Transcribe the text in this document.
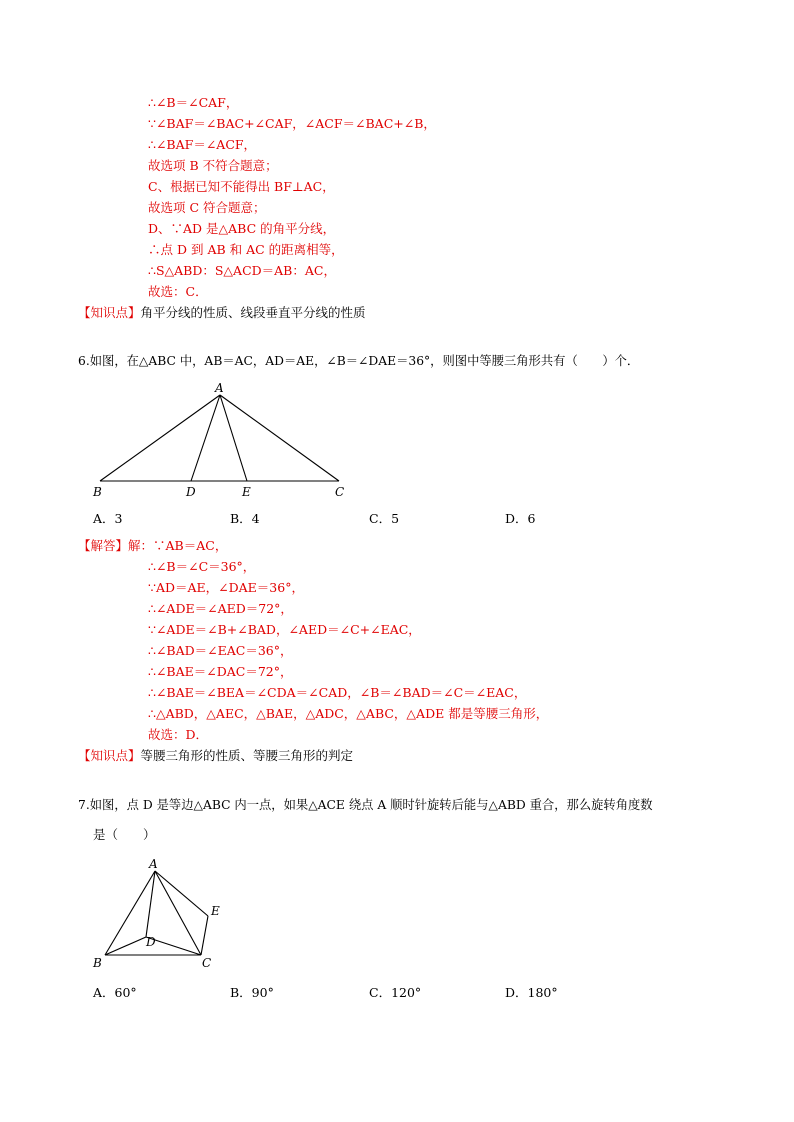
∴∠B＝∠CAF，
∵∠BAF＝∠BAC+∠CAF，∠ACF＝∠BAC+∠B，
∴∠BAF＝∠ACF，
故选项 B 不符合题意；
C、根据已知不能得出 BF⊥AC，
故选项 C 符合题意；
D、∵AD 是△ABC 的角平分线，
∴点 D 到 AB 和 AC 的距离相等，
∴S△ABD：S△ACD＝AB：AC，
故选：C．
【知识点】角平分线的性质、线段垂直平分线的性质
6.如图，在△ABC 中，AB＝AC，AD＝AE，∠B＝∠DAE＝36°，则图中等腰三角形共有（　　）个．
A
B	D	E	C
A．3	B．4	C．5	D．6
【解答】解：∵AB＝AC，
∴∠B＝∠C＝36°，
∵AD＝AE，∠DAE＝36°，
∴∠ADE＝∠AED＝72°，
∵∠ADE＝∠B+∠BAD，∠AED＝∠C+∠EAC，
∴∠BAD＝∠EAC＝36°，
∴∠BAE＝∠DAC＝72°，
∴∠BAE＝∠BEA＝∠CDA＝∠CAD，∠B＝∠BAD＝∠C＝∠EAC，
∴△ABD，△AEC，△BAE，△ADC，△ABC，△ADE 都是等腰三角形，
故选：D．
【知识点】等腰三角形的性质、等腰三角形的判定
7.如图，点 D 是等边△ABC 内一点，如果△ACE 绕点 A 顺时针旋转后能与△ABD 重合，那么旋转角度数
是（　　）
A
B	C
D
E
A．60°	B．90°	C．120°	D．180°
